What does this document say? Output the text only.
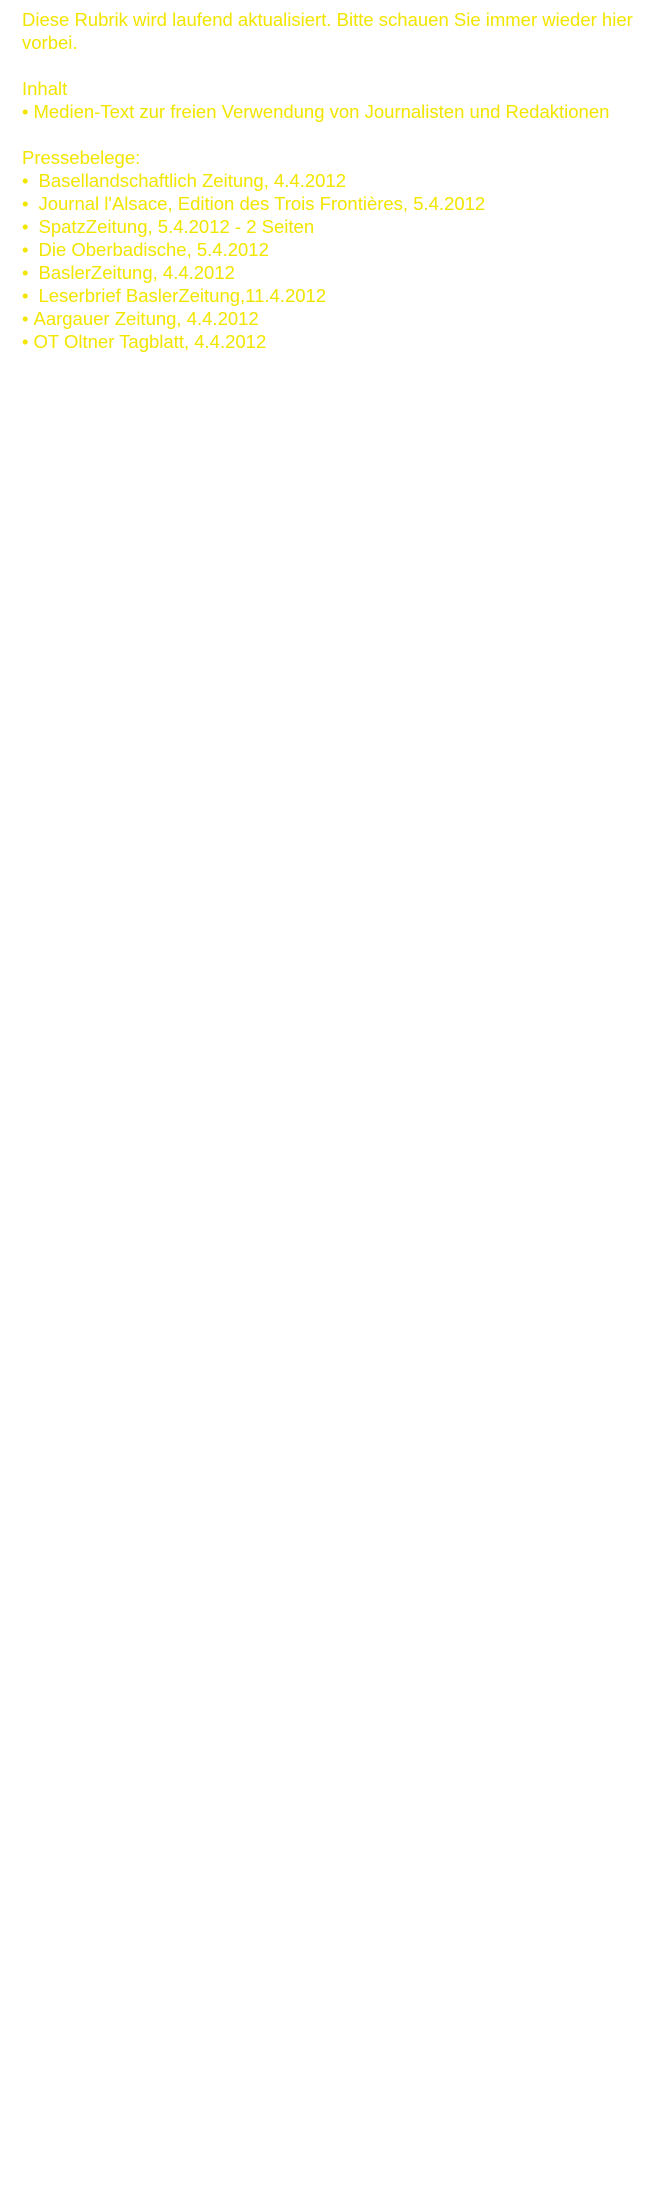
Diese Rubrik wird laufend aktualisiert. Bitte schauen Sie immer wieder hier vorbei.

Inhalt

• Medien-Text zur freien Verwendung von Journalisten und Redaktionen

Pressebelege:

• Basellandschaftlich Zeitung, 4.4.2012
• Journal l'Alsace, Edition des Trois Frontières, 5.4.2012
• SpatzZeitung, 5.4.2012 - 2 Seiten
• Die Oberbadische, 5.4.2012
• BaslerZeitung, 4.4.2012
• Leserbrief BaslerZeitung,11.4.2012
• Aargauer Zeitung, 4.4.2012
• OT Oltner Tagblatt, 4.4.2012
